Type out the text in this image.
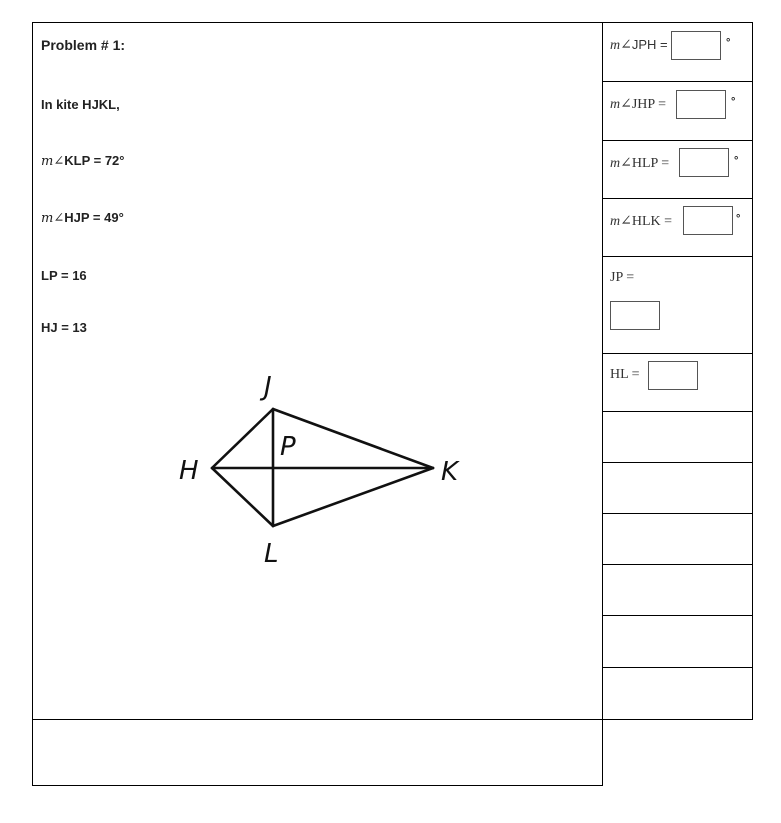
Problem # 1:
In kite HJKL,
m∠KLP = 72°
m∠HJP = 49°
LP = 16
HJ = 13
J
P
H	K
L
m∠JPH =	°
m∠JHP =	°
m∠HLP =	°
m∠HLK =	°
JP =
HL =
